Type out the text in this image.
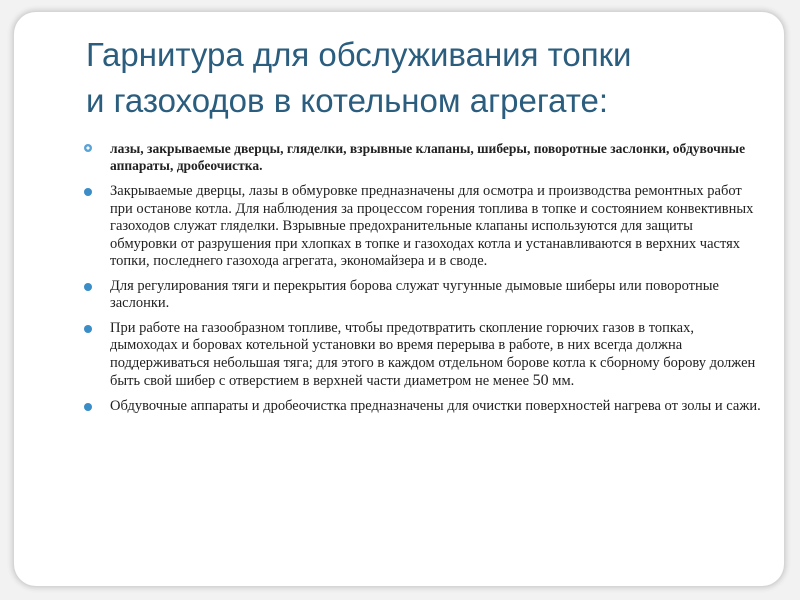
Гарнитура для обслуживания топки
и газоходов в котельном агрегате:
лазы, закрываемые дверцы, гляделки, взрывные клапаны, шиберы, поворотные заслонки, обдувочные аппараты, дробеочистка.
Закрываемые дверцы, лазы в обмуровке предназначены для осмотра и производства ремонтных работ при останове котла. Для наблюдения за процессом горения топлива в топке и состоянием конвективных газоходов служат гляделки. Взрывные предохранительные клапаны используются для защиты обмуровки от разрушения при хлопках в топке и газоходах котла и устанавливаются в верхних частях топки, последнего газохода агрегата, экономайзера и в своде.
Для регулирования тяги и перекрытия борова служат чугунные дымовые шиберы или поворотные заслонки.
При работе на газообразном топливе, чтобы предотвратить скопление горючих газов в топках, дымоходах и боровах котельной установки во время перерыва в работе, в них всегда должна поддерживаться небольшая тяга; для этого в каждом отдельном борове котла к сборному борову должен быть свой шибер с отверстием в верхней части диаметром не менее 50 мм.
Обдувочные аппараты и дробеочистка предназначены для очистки поверхностей нагрева от золы и сажи.
